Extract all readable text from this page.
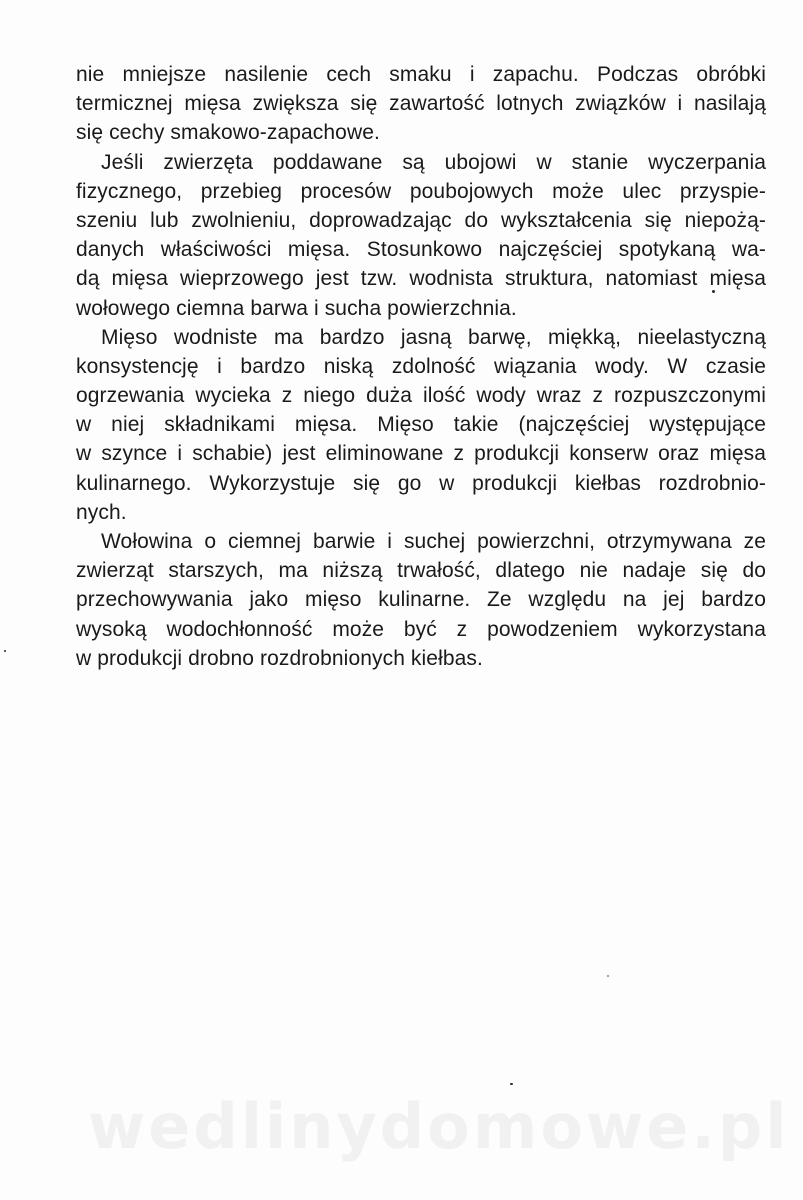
nie mniejsze nasilenie cech smaku i zapachu. Podczas obróbki
termicznej mięsa zwiększa się zawartość lotnych związków i nasilają
się cechy smakowo-zapachowe.
Jeśli zwierzęta poddawane są ubojowi w stanie wyczerpania
fizycznego, przebieg procesów poubojowych może ulec przyspie-
szeniu lub zwolnieniu, doprowadzając do wykształcenia się niepożą-
danych właściwości mięsa. Stosunkowo najczęściej spotykaną wa-
dą mięsa wieprzowego jest tzw. wodnista struktura, natomiast mięsa
wołowego ciemna barwa i sucha powierzchnia.
Mięso wodniste ma bardzo jasną barwę, miękką, nieelastyczną
konsystencję i bardzo niską zdolność wiązania wody. W czasie
ogrzewania wycieka z niego duża ilość wody wraz z rozpuszczonymi
w niej składnikami mięsa. Mięso takie (najczęściej występujące
w szynce i schabie) jest eliminowane z produkcji konserw oraz mięsa
kulinarnego. Wykorzystuje się go w produkcji kiełbas rozdrobnio-
nych.
Wołowina o ciemnej barwie i suchej powierzchni, otrzymywana ze
zwierząt starszych, ma niższą trwałość, dlatego nie nadaje się do
przechowywania jako mięso kulinarne. Ze względu na jej bardzo
wysoką wodochłonność może być z powodzeniem wykorzystana
w produkcji drobno rozdrobnionych kiełbas.
wedlinydomowe.pl
